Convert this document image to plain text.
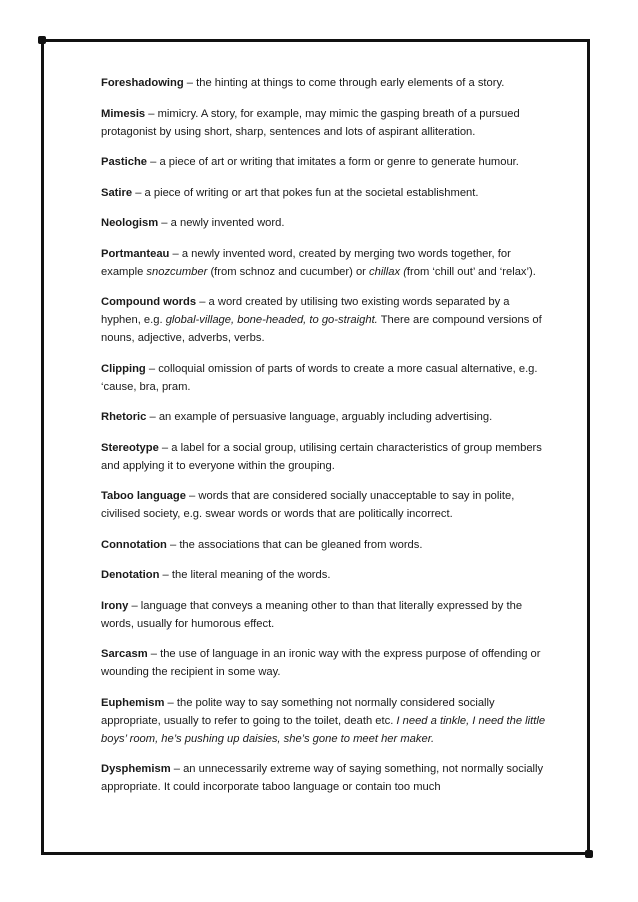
Foreshadowing – the hinting at things to come through early elements of a story.

Mimesis – mimicry. A story, for example, may mimic the gasping breath of a pursued protagonist by using short, sharp, sentences and lots of aspirant alliteration.

Pastiche – a piece of art or writing that imitates a form or genre to generate humour.

Satire – a piece of writing or art that pokes fun at the societal establishment.

Neologism – a newly invented word.

Portmanteau – a newly invented word, created by merging two words together, for example snozcumber (from schnoz and cucumber) or chillax (from ‘chill out’ and ‘relax’).

Compound words – a word created by utilising two existing words separated by a hyphen, e.g. global-village, bone-headed, to go-straight. There are compound versions of nouns, adjective, adverbs, verbs.

Clipping – colloquial omission of parts of words to create a more casual alternative, e.g. ‘cause, bra, pram.

Rhetoric – an example of persuasive language, arguably including advertising.

Stereotype – a label for a social group, utilising certain characteristics of group members and applying it to everyone within the grouping.

Taboo language – words that are considered socially unacceptable to say in polite, civilised society, e.g. swear words or words that are politically incorrect.

Connotation – the associations that can be gleaned from words.

Denotation – the literal meaning of the words.

Irony – language that conveys a meaning other to than that literally expressed by the words, usually for humorous effect.

Sarcasm – the use of language in an ironic way with the express purpose of offending or wounding the recipient in some way.

Euphemism – the polite way to say something not normally considered socially appropriate, usually to refer to going to the toilet, death etc. I need a tinkle, I need the little boys’ room, he’s pushing up daisies, she’s gone to meet her maker.

Dysphemism – an unnecessarily extreme way of saying something, not normally socially appropriate. It could incorporate taboo language or contain too much
